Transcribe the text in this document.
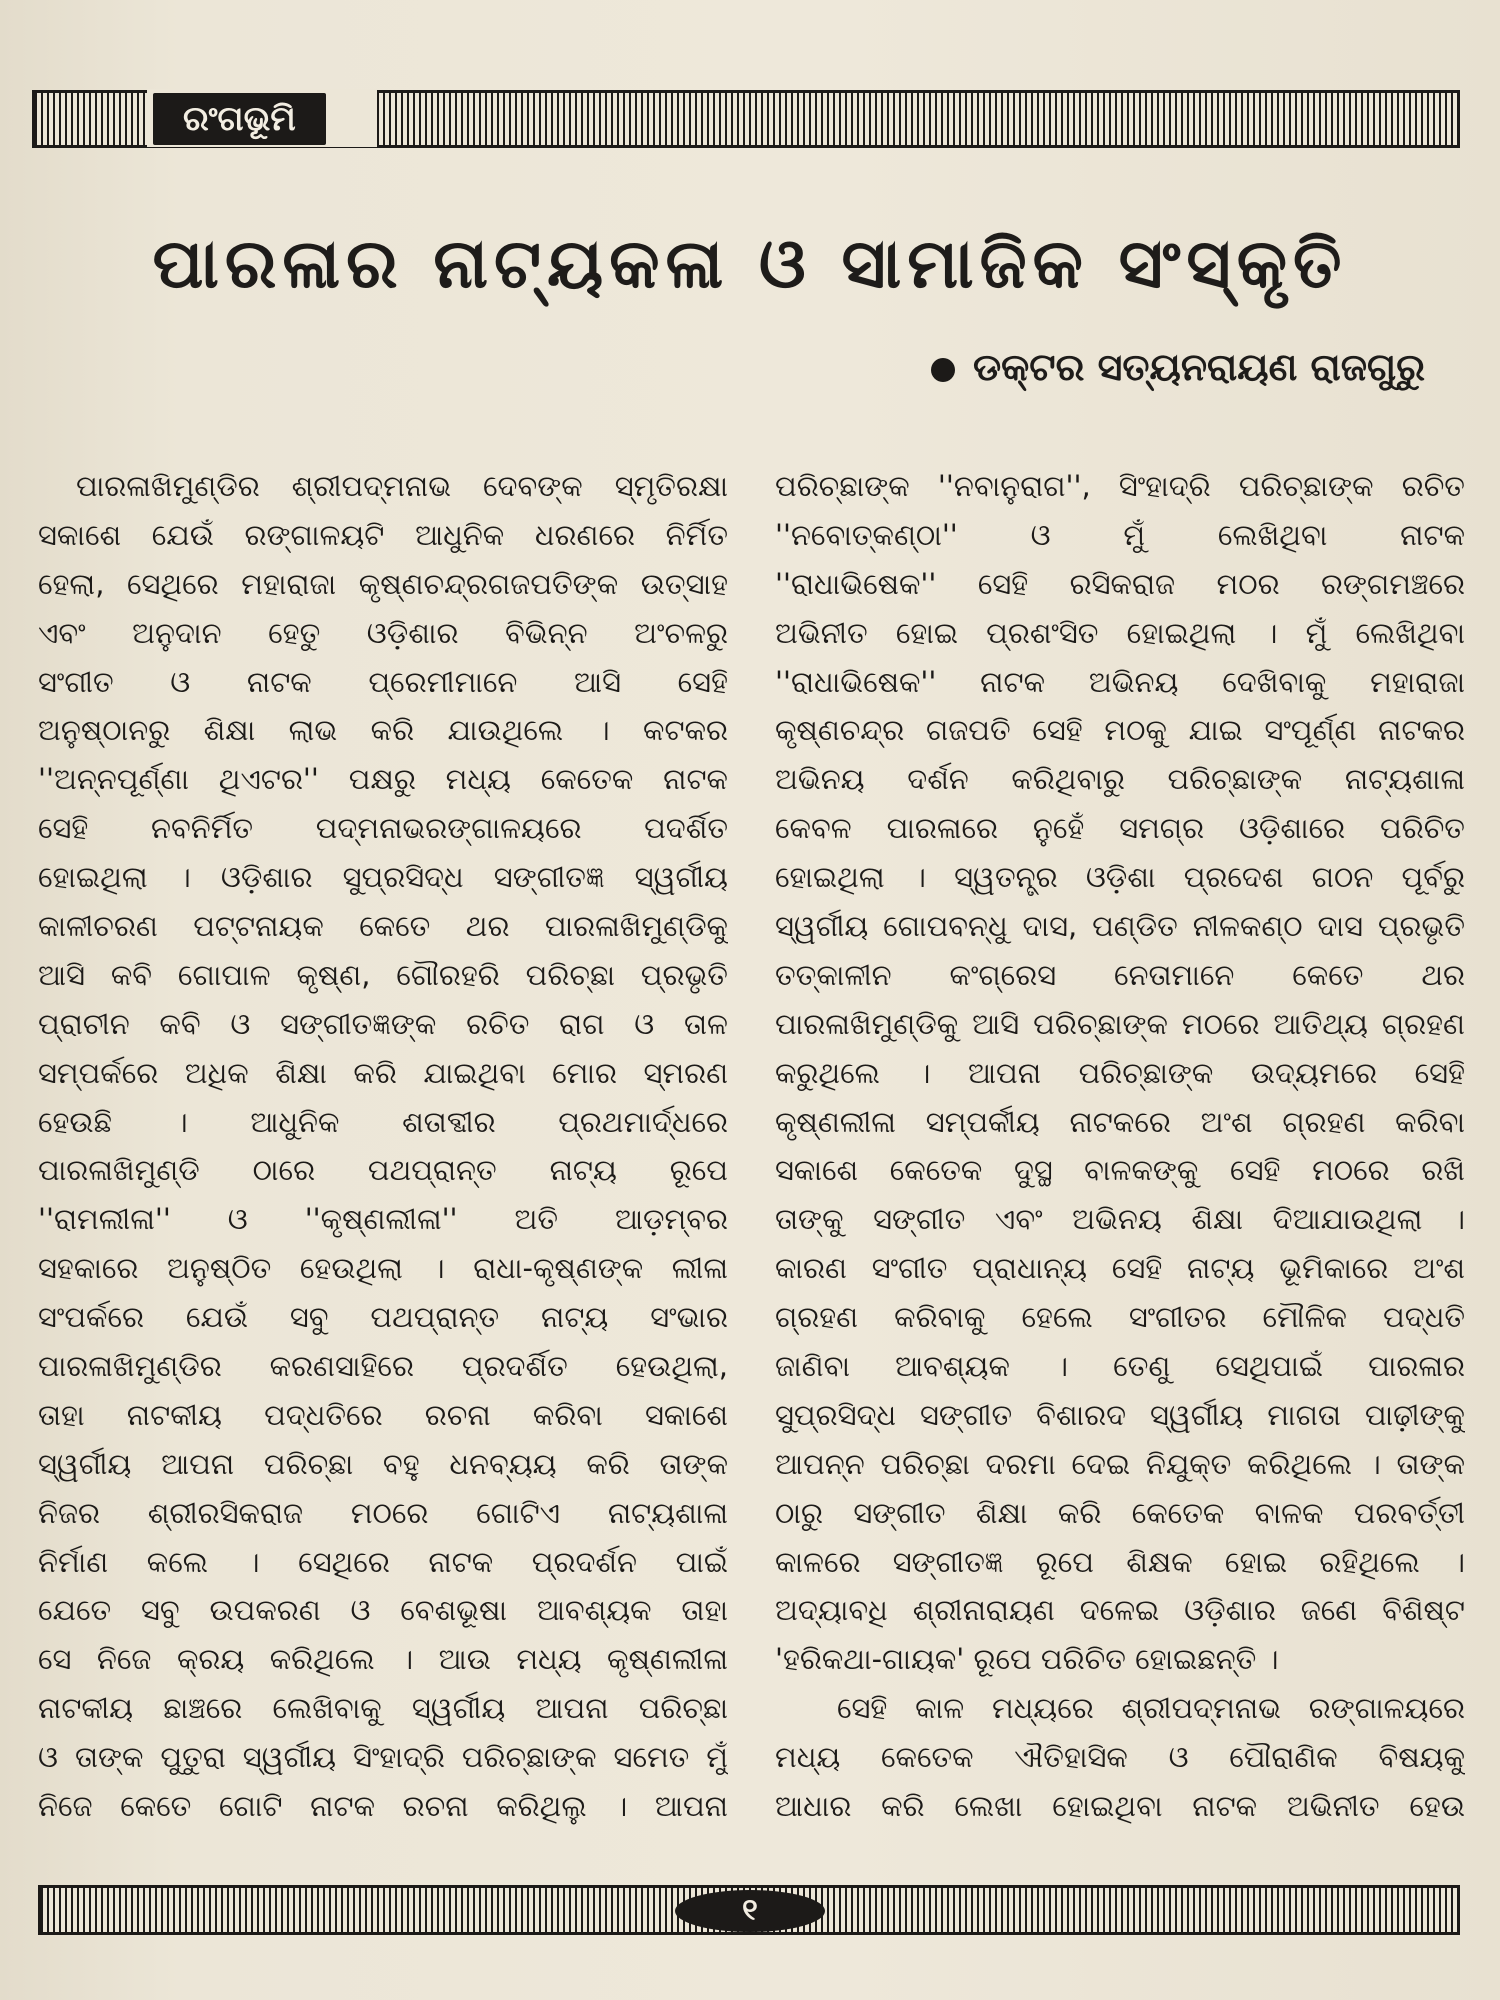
ରଂଗଭୂମି
ପାରଳାର ନାଟ୍ୟକଳା ଓ ସାମାଜିକ ସଂସ୍କୃତି
ଡକ୍ଟର ସତ୍ୟନରାୟଣ ରାଜଗୁରୁ
ପାରଳାଖିମୁଣ୍ଡିର ଶ୍ରୀପଦ୍ମନାଭ ଦେବଙ୍କ ସ୍ମୃତିରକ୍ଷା
ସକାଶେ ଯେଉଁ ରଙ୍ଗାଳୟଟି ଆଧୁନିକ ଧରଣରେ ନିର୍ମିତ
ହେଲା, ସେଥିରେ ମହାରାଜା କୃଷ୍ଣଚନ୍ଦ୍ରଗଜପତିଙ୍କ ଉତ୍ସାହ
ଏବଂ ଅନୁଦାନ ହେତୁ ଓଡ଼ିଶାର ବିଭିନ୍ନ ଅଂଚଳରୁ
ସଂଗୀତ ଓ ନାଟକ ପ୍ରେମୀମାନେ ଆସି ସେହି
ଅନୁଷ୍ଠାନରୁ ଶିକ୍ଷା ଲାଭ କରି ଯାଉଥିଲେ । କଟକର
''ଅନ୍ନପୂର୍ଣ୍ଣା ଥିଏଟର'' ପକ୍ଷରୁ ମଧ୍ୟ କେତେକ ନାଟକ
ସେହି ନବନିର୍ମିତ ପଦ୍ମନାଭରଙ୍ଗାଳୟରେ ପଦର୍ଶିତ
ହୋଇଥିଲା । ଓଡ଼ିଶାର ସୁପ୍ରସିଦ୍ଧ ସଙ୍ଗୀତଜ୍ଞ ସ୍ୱର୍ଗୀୟ
କାଳୀଚରଣ ପଟ୍ଟନାୟକ କେତେ ଥର ପାରଳାଖିମୁଣ୍ଡିକୁ
ଆସି କବି ଗୋପାଳ କୃଷ୍ଣ, ଗୌରହରି ପରିଚ୍ଛା ପ୍ରଭୃତି
ପ୍ରାଚୀନ କବି ଓ ସଙ୍ଗୀତଜ୍ଞଙ୍କ ରଚିତ ରାଗ ଓ ତାଳ
ସମ୍ପର୍କରେ ଅଧିକ ଶିକ୍ଷା କରି ଯାଇଥିବା ମୋର ସ୍ମରଣ
ହେଉଛି । ଆଧୁନିକ ଶତାବ୍ଦୀର ପ୍ରଥମାର୍ଦ୍ଧରେ
ପାରଳାଖିମୁଣ୍ଡି ଠାରେ ପଥପ୍ରାନ୍ତ ନାଟ୍ୟ ରୂପେ
''ରାମଲୀଳା'' ଓ ''କୃଷ୍ଣଲୀଳା'' ଅତି ଆଡ଼ମ୍ବର
ସହକାରେ ଅନୁଷ୍ଠିତ ହେଉଥିଲା । ରାଧା-କୃଷ୍ଣଙ୍କ ଲୀଳା
ସଂପର୍କରେ ଯେଉଁ ସବୁ ପଥପ୍ରାନ୍ତ ନାଟ୍ୟ ସଂଭାର
ପାରଳାଖିମୁଣ୍ଡିର କରଣସାହିରେ ପ୍ରଦର୍ଶିତ ହେଉଥିଲା,
ତାହା ନାଟକୀୟ ପଦ୍ଧତିରେ ରଚନା କରିବା ସକାଶେ
ସ୍ୱର୍ଗୀୟ ଆପନା ପରିଚ୍ଛା ବହୁ ଧନବ୍ୟୟ କରି ତାଙ୍କ
ନିଜର ଶ୍ରୀରସିକରାଜ ମଠରେ ଗୋଟିଏ ନାଟ୍ୟଶାଳା
ନିର୍ମାଣ କଲେ । ସେଥିରେ ନାଟକ ପ୍ରଦର୍ଶନ ପାଇଁ
ଯେତେ ସବୁ ଉପକରଣ ଓ ବେଶଭୂଷା ଆବଶ୍ୟକ ତାହା
ସେ ନିଜେ କ୍ରୟ କରିଥିଲେ । ଆଉ ମଧ୍ୟ କୃଷ୍ଣଲୀଳା
ନାଟକୀୟ ଛାଞ୍ଚରେ ଲେଖିବାକୁ ସ୍ୱର୍ଗୀୟ ଆପନା ପରିଚ୍ଛା
ଓ ତାଙ୍କ ପୁତୁରା ସ୍ୱର୍ଗୀୟ ସିଂହାଦ୍ରି ପରିଚ୍ଛାଙ୍କ ସମେତ ମୁଁ
ନିଜେ କେତେ ଗୋଟି ନାଟକ ରଚନା କରିଥିଲୁ । ଆପନା
ପରିଚ୍ଛାଙ୍କ ''ନବାନୁରାଗ'', ସିଂହାଦ୍ରି ପରିଚ୍ଛାଙ୍କ ରଚିତ
''ନବୋତ୍କଣ୍ଠା'' ଓ ମୁଁ ଲେଖିଥିବା ନାଟକ
''ରାଧାଭିଷେକ'' ସେହି ରସିକରାଜ ମଠର ରଙ୍ଗମଞ୍ଚରେ
ଅଭିନୀତ ହୋଇ ପ୍ରଶଂସିତ ହୋଇଥିଲା । ମୁଁ ଲେଖିଥିବା
''ରାଧାଭିଷେକ'' ନାଟକ ଅଭିନୟ ଦେଖିବାକୁ ମହାରାଜା
କୃଷ୍ଣଚନ୍ଦ୍ର ଗଜପତି ସେହି ମଠକୁ ଯାଇ ସଂପୂର୍ଣ୍ଣ ନାଟକର
ଅଭିନୟ ଦର୍ଶନ କରିଥିବାରୁ ପରିଚ୍ଛାଙ୍କ ନାଟ୍ୟଶାଳା
କେବଳ ପାରଳାରେ ନୁହେଁ ସମଗ୍ର ଓଡ଼ିଶାରେ ପରିଚିତ
ହୋଇଥିଲା । ସ୍ୱତନ୍ତ୍ର ଓଡ଼ିଶା ପ୍ରଦେଶ ଗଠନ ପୂର୍ବରୁ
ସ୍ୱର୍ଗୀୟ ଗୋପବନ୍ଧୁ ଦାସ, ପଣ୍ଡିତ ନୀଳକଣ୍ଠ ଦାସ ପ୍ରଭୃତି
ତତ୍କାଳୀନ କଂଗ୍ରେସ ନେତାମାନେ କେତେ ଥର
ପାରଳାଖିମୁଣ୍ଡିକୁ ଆସି ପରିଚ୍ଛାଙ୍କ ମଠରେ ଆତିଥ୍ୟ ଗ୍ରହଣ
କରୁଥିଲେ । ଆପନା ପରିଚ୍ଛାଙ୍କ ଉଦ୍ୟମରେ ସେହି
କୃଷ୍ଣଲୀଳା ସମ୍ପର୍କୀୟ ନାଟକରେ ଅଂଶ ଗ୍ରହଣ କରିବା
ସକାଶେ କେତେକ ଦୁସ୍ଥ ବାଳକଙ୍କୁ ସେହି ମଠରେ ରଖି
ତାଙ୍କୁ ସଙ୍ଗୀତ ଏବଂ ଅଭିନୟ ଶିକ୍ଷା ଦିଆଯାଉଥିଲା ।
କାରଣ ସଂଗୀତ ପ୍ରାଧାନ୍ୟ ସେହି ନାଟ୍ୟ ଭୂମିକାରେ ଅଂଶ
ଗ୍ରହଣ କରିବାକୁ ହେଲେ ସଂଗୀତର ମୌଳିକ ପଦ୍ଧତି
ଜାଣିବା ଆବଶ୍ୟକ । ତେଣୁ ସେଥିପାଇଁ ପାରଳାର
ସୁପ୍ରସିଦ୍ଧ ସଙ୍ଗୀତ ବିଶାରଦ ସ୍ୱର୍ଗୀୟ ମାଗତା ପାଢ଼ୀଙ୍କୁ
ଆପନ୍ନ ପରିଚ୍ଛା ଦରମା ଦେଇ ନିଯୁକ୍ତ କରିଥିଲେ । ତାଙ୍କ
ଠାରୁ ସଙ୍ଗୀତ ଶିକ୍ଷା କରି କେତେକ ବାଳକ ପରବର୍ତ୍ତୀ
କାଳରେ ସଙ୍ଗୀତଜ୍ଞ ରୂପେ ଶିକ୍ଷକ ହୋଇ ରହିଥିଲେ ।
ଅଦ୍ୟାବଧି ଶ୍ରୀନାରାୟଣ ଦଳେଇ ଓଡ଼ିଶାର ଜଣେ ବିଶିଷ୍ଟ
'ହରିକଥା-ଗାୟକ' ରୂପେ ପରିଚିତ ହୋଇଛନ୍ତି ।
ସେହି କାଳ ମଧ୍ୟରେ ଶ୍ରୀପଦ୍ମନାଭ ରଙ୍ଗାଳୟରେ
ମଧ୍ୟ କେତେକ ଐତିହାସିକ ଓ ପୌରାଣିକ ବିଷୟକୁ
ଆଧାର କରି ଲେଖା ହୋଇଥିବା ନାଟକ ଅଭିନୀତ ହେଉ
୧
